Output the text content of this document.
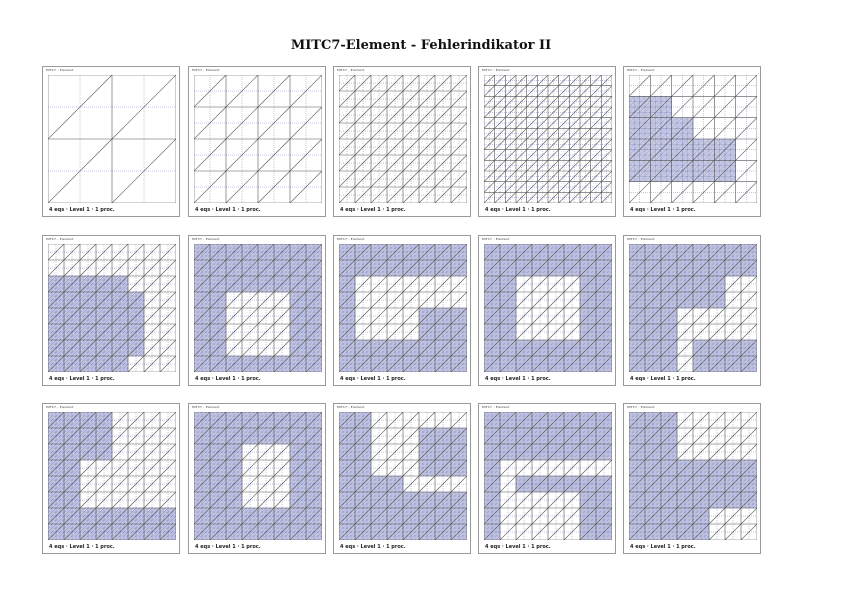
MITC7-Element - Fehlerindikator II
MITC7 - Element
4 eqs · Level 1 · 1 proc.
MITC7 - Element
4 eqs · Level 1 · 1 proc.
MITC7 - Element
4 eqs · Level 1 · 1 proc.
MITC7 - Element
4 eqs · Level 1 · 1 proc.
MITC7 - Element
4 eqs · Level 1 · 1 proc.
MITC7 - Element
4 eqs · Level 1 · 1 proc.
MITC7 - Element
4 eqs · Level 1 · 1 proc.
MITC7 - Element
4 eqs · Level 1 · 1 proc.
MITC7 - Element
4 eqs · Level 1 · 1 proc.
MITC7 - Element
4 eqs · Level 1 · 1 proc.
MITC7 - Element
4 eqs · Level 1 · 1 proc.
MITC7 - Element
4 eqs · Level 1 · 1 proc.
MITC7 - Element
4 eqs · Level 1 · 1 proc.
MITC7 - Element
4 eqs · Level 1 · 1 proc.
MITC7 - Element
4 eqs · Level 1 · 1 proc.
